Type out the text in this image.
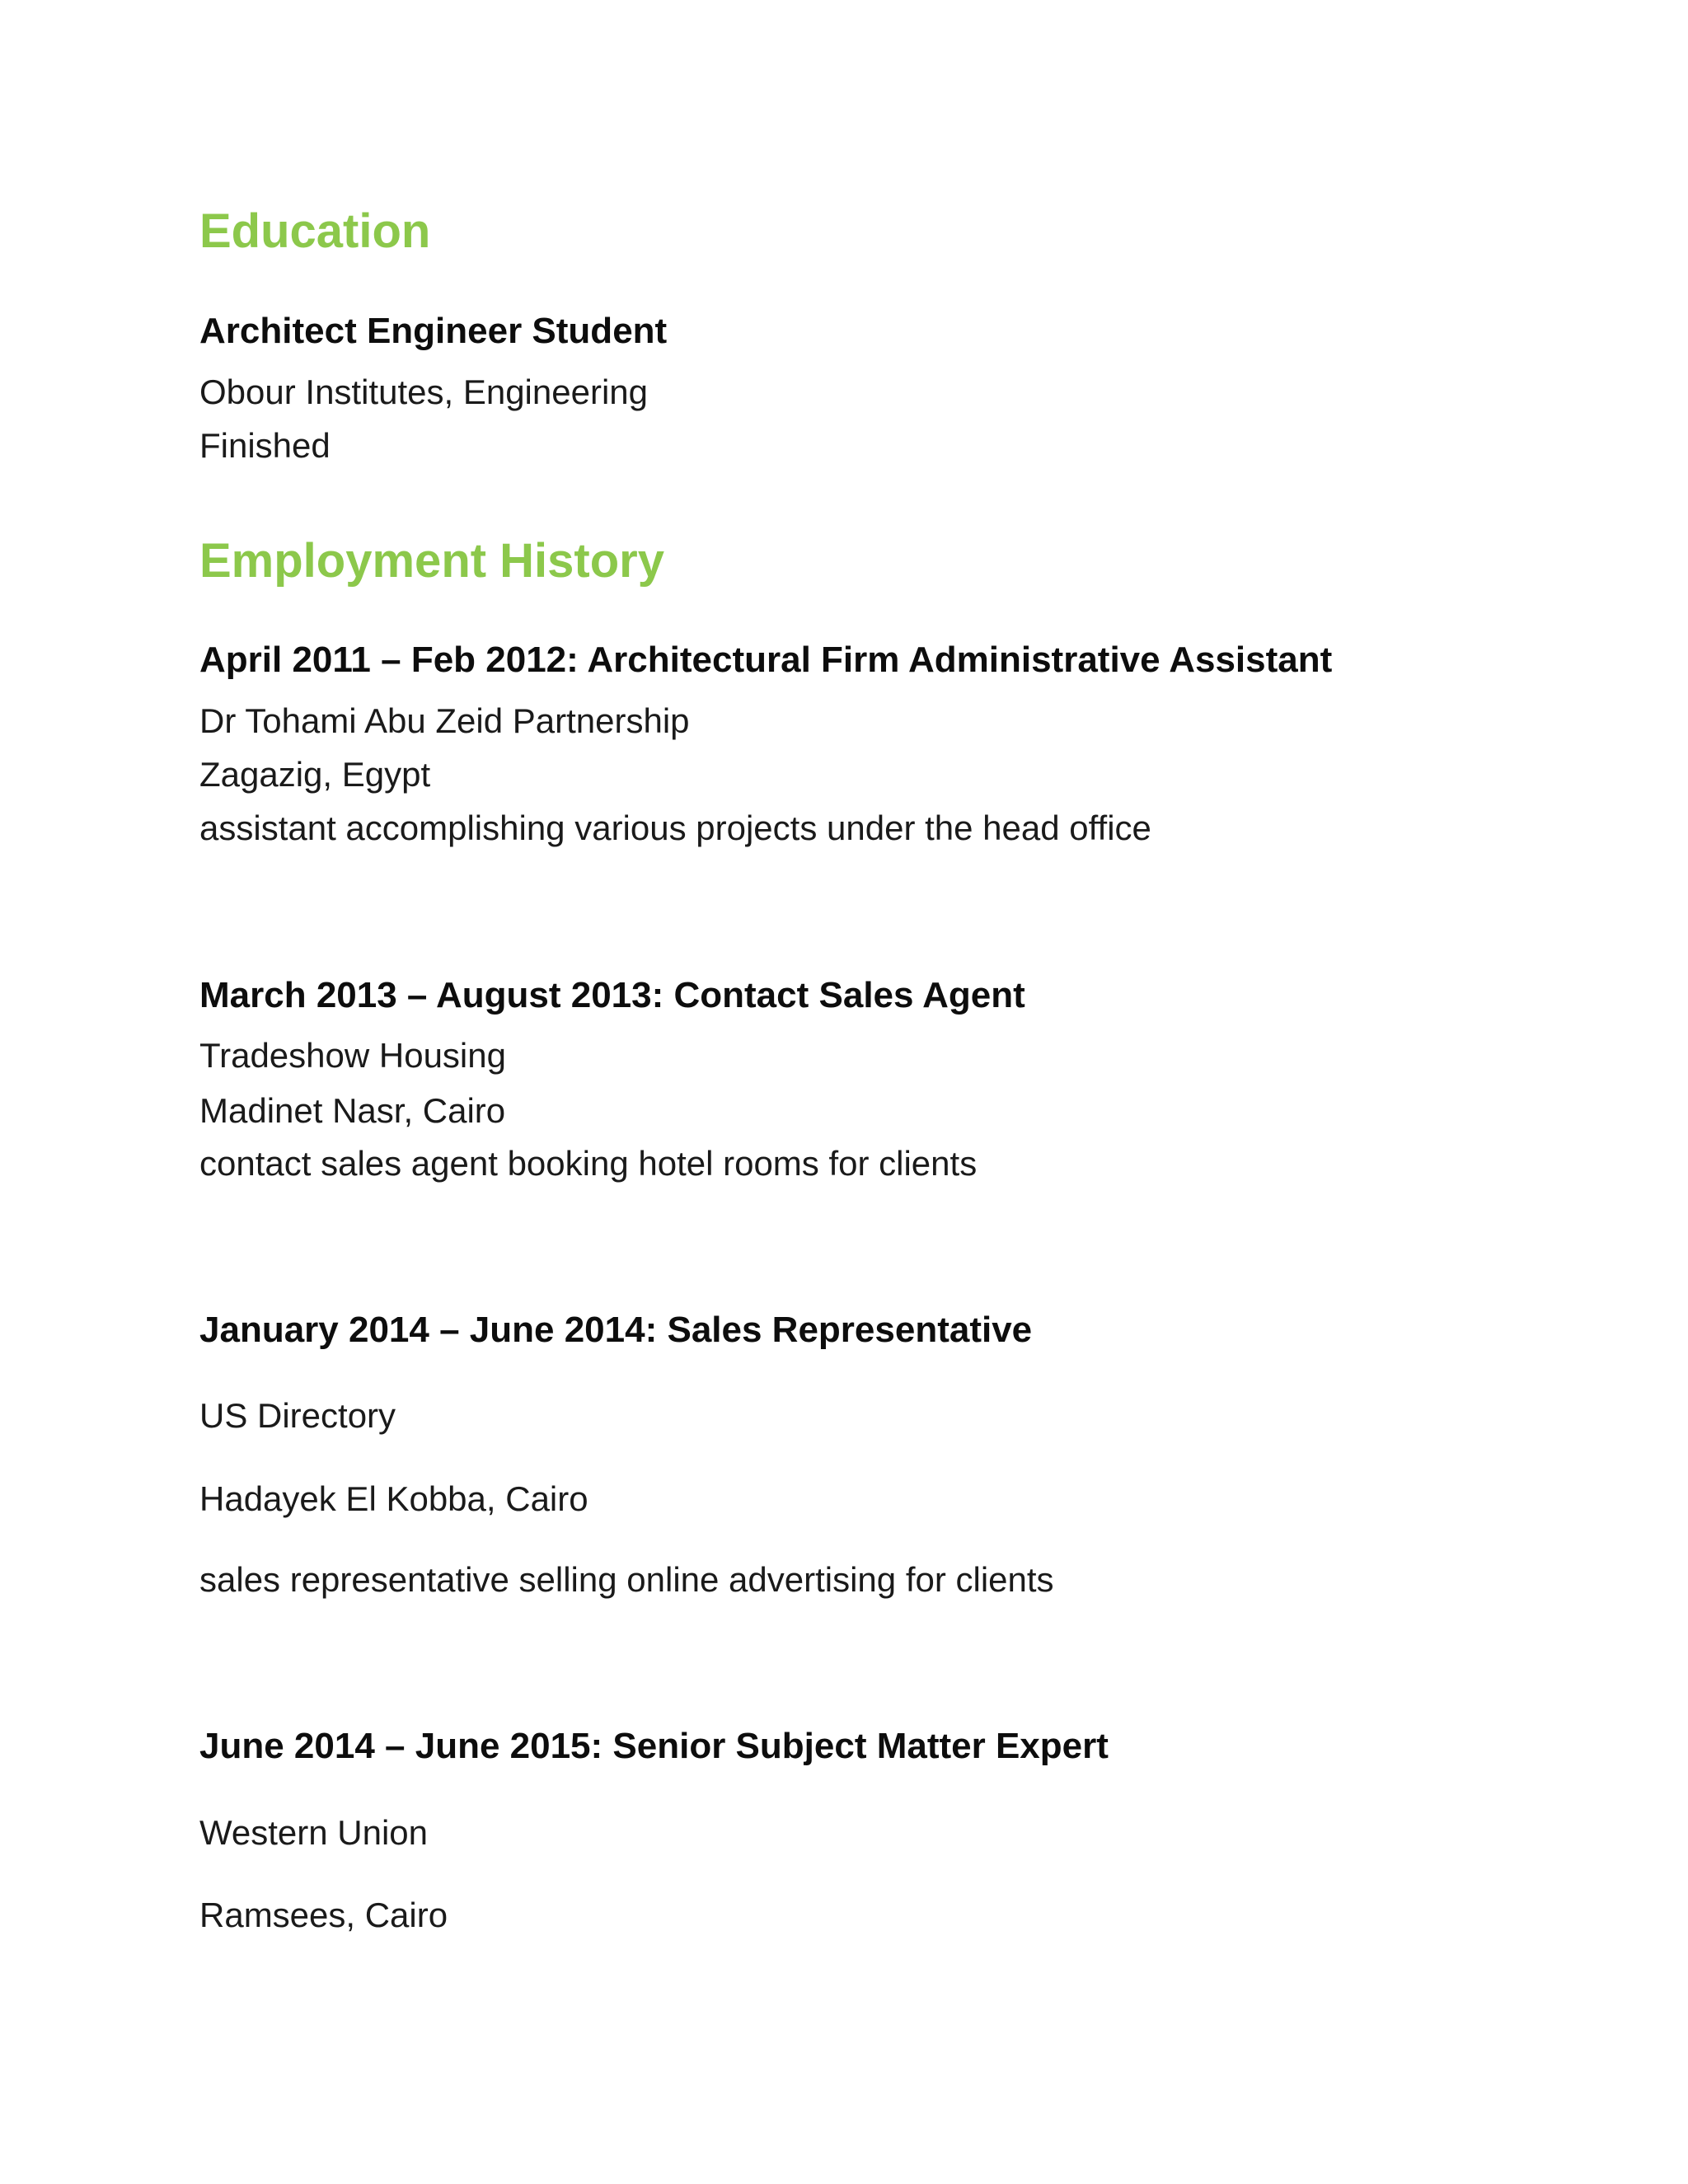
Education
Architect Engineer Student
Obour Institutes, Engineering
Finished
Employment History
April 2011 – Feb 2012: Architectural Firm Administrative Assistant
Dr Tohami Abu Zeid Partnership
Zagazig, Egypt
assistant accomplishing various projects under the head office
March 2013 – August 2013: Contact Sales Agent
Tradeshow Housing
Madinet Nasr, Cairo
contact sales agent booking hotel rooms for clients
January 2014 – June 2014: Sales Representative
US Directory
Hadayek El Kobba, Cairo
sales representative selling online advertising for clients
June 2014 – June 2015: Senior Subject Matter Expert
Western Union
Ramsees, Cairo
